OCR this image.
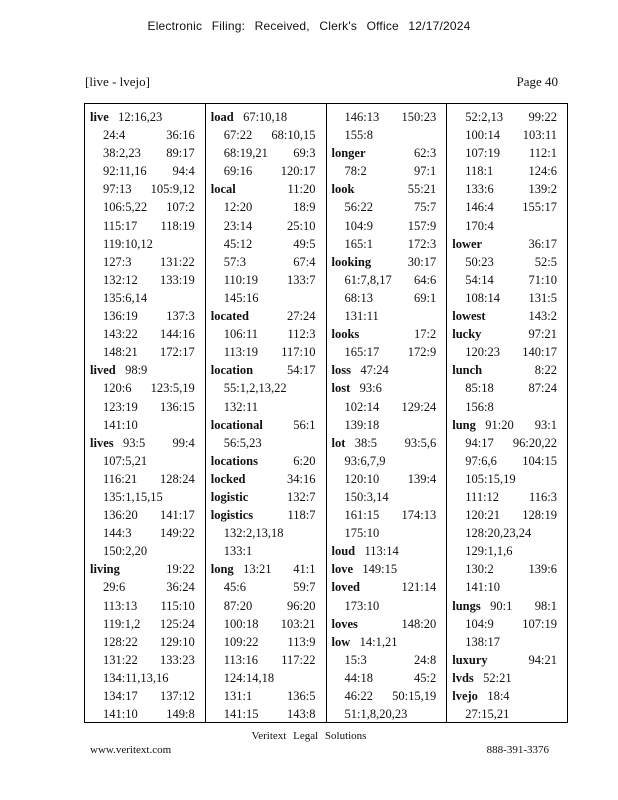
Electronic Filing: Received, Clerk's Office 12/17/2024
[live - lvejo]	Page 40
live 12:16,23
24:4	36:16
38:2,23	89:17
92:11,16	94:4
97:13	105:9,12
106:5,22	107:2
115:17	118:19
119:10,12
127:3	131:22
132:12	133:19
135:6,14
136:19	137:3
143:22	144:16
148:21	172:17
lived 98:9
120:6	123:5,19
123:19	136:15
141:10
lives 93:5	99:4
107:5,21
116:21	128:24
135:1,15,15
136:20	141:17
144:3	149:22
150:2,20
living	19:22
29:6	36:24
113:13	115:10
119:1,2	125:24
128:22	129:10
131:22	133:23
134:11,13,16
134:17	137:12
141:10	149:8
load 67:10,18
67:22	68:10,15
68:19,21	69:3
69:16	120:17
local	11:20
12:20	18:9
23:14	25:10
45:12	49:5
57:3	67:4
110:19	133:7
145:16
located	27:24
106:11	112:3
113:19	117:10
location	54:17
55:1,2,13,22
132:11
locational	56:1
56:5,23
locations	6:20
locked	34:16
logistic	132:7
logistics	118:7
132:2,13,18
133:1
long 13:21	41:1
45:6	59:7
87:20	96:20
100:18	103:21
109:22	113:9
113:16	117:22
124:14,18
131:1	136:5
141:15	143:8
146:13	150:23
155:8
longer	62:3
78:2	97:1
look	55:21
56:22	75:7
104:9	157:9
165:1	172:3
looking	30:17
61:7,8,17	64:6
68:13	69:1
131:11
looks	17:2
165:17	172:9
loss 47:24
lost 93:6
102:14	129:24
139:18
lot 38:5	93:5,6
93:6,7,9
120:10	139:4
150:3,14
161:15	174:13
175:10
loud 113:14
love 149:15
loved	121:14
173:10
loves	148:20
low 14:1,21
15:3	24:8
44:18	45:2
46:22	50:15,19
51:1,8,20,23
52:2,13	99:22
100:14	103:11
107:19	112:1
118:1	124:6
133:6	139:2
146:4	155:17
170:4
lower	36:17
50:23	52:5
54:14	71:10
108:14	131:5
lowest	143:2
lucky	97:21
120:23	140:17
lunch	8:22
85:18	87:24
156:8
lung 91:20	93:1
94:17	96:20,22
97:6,6	104:15
105:15,19
111:12	116:3
120:21	128:19
128:20,23,24
129:1,1,6
130:2	139:6
141:10
lungs 90:1	98:1
104:9	107:19
138:17
luxury	94:21
lvds 52:21
lvejo 18:4
27:15,21
Veritext Legal Solutions
www.veritext.com	888-391-3376
